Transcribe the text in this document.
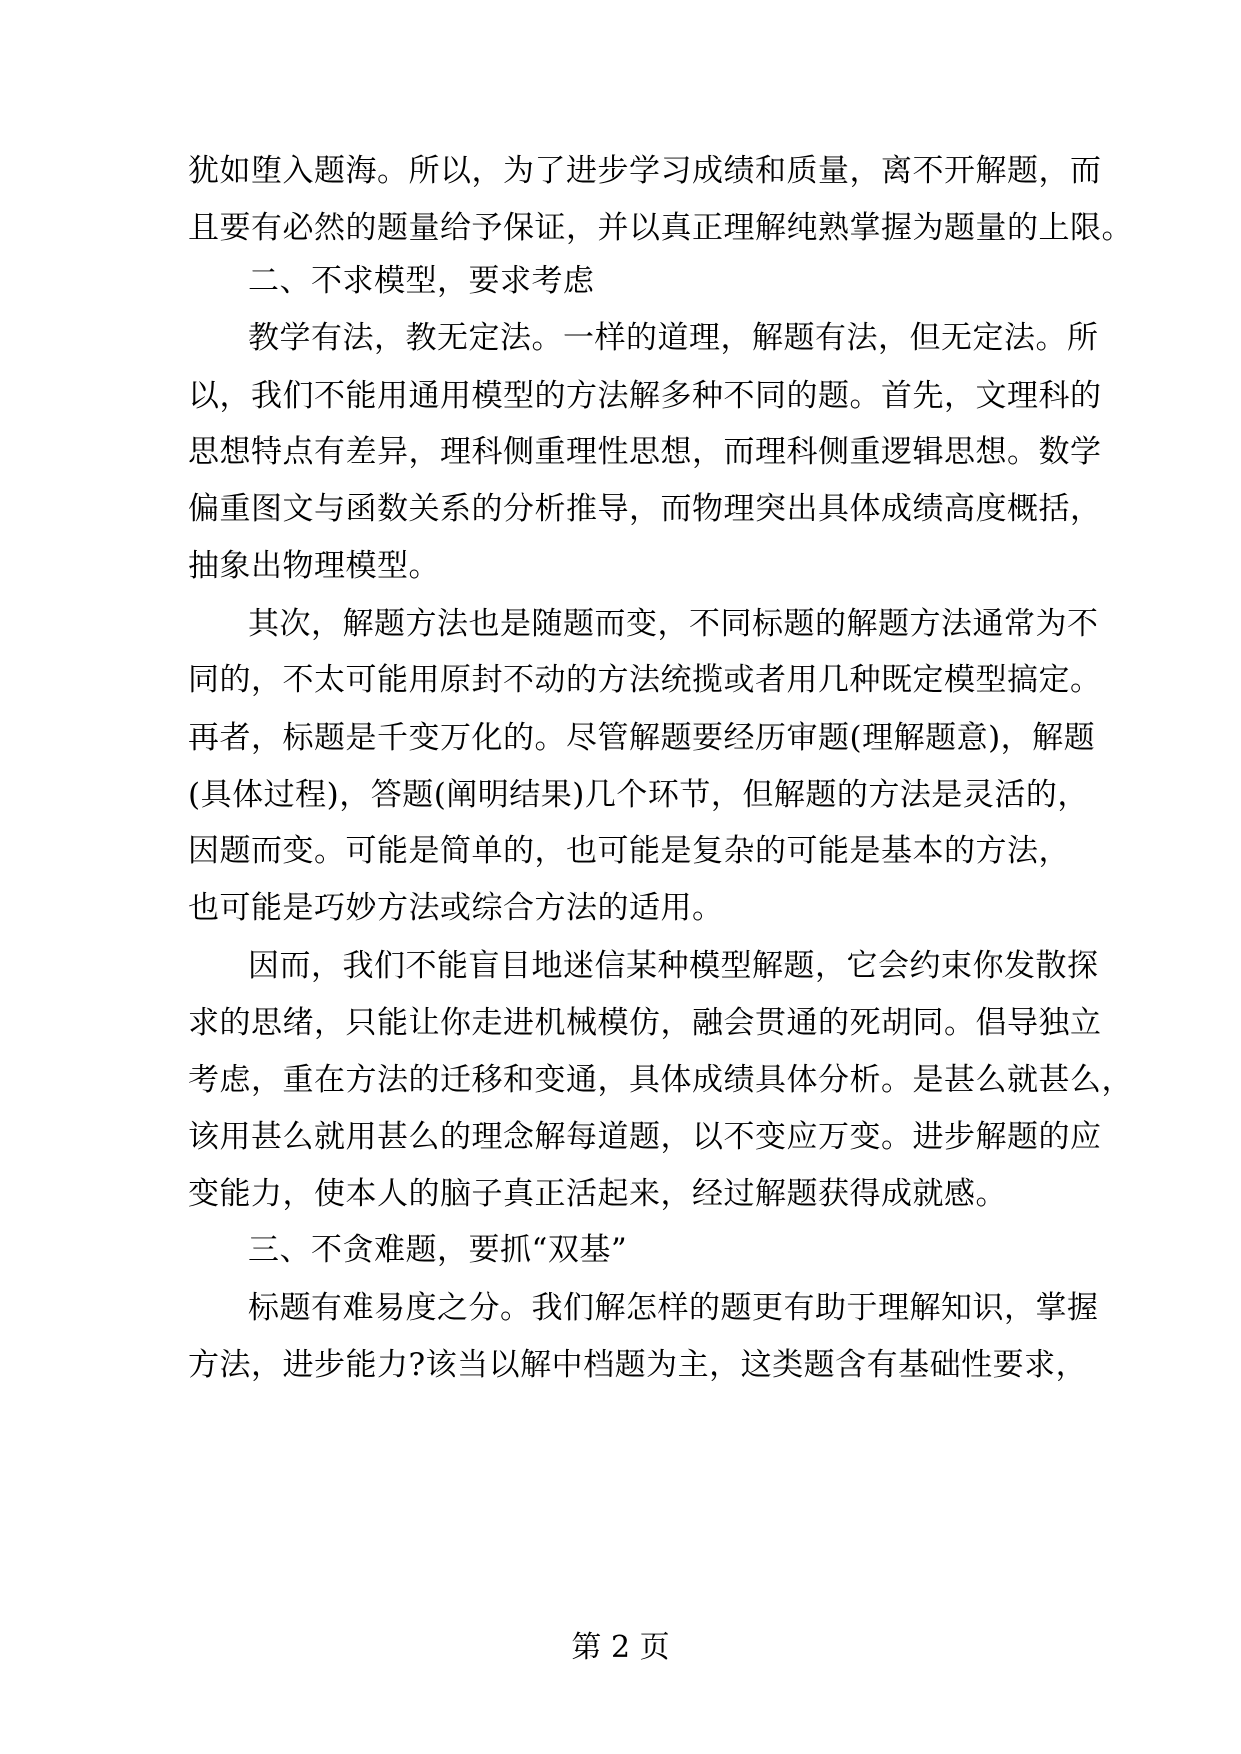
犹如堕入题海。所以，为了进步学习成绩和质量，离不开解题，而
且要有必然的题量给予保证，并以真正理解纯熟掌握为题量的上限。
二、不求模型，要求考虑
教学有法，教无定法。一样的道理，解题有法，但无定法。所
以，我们不能用通用模型的方法解多种不同的题。首先，文理科的
思想特点有差异，理科侧重理性思想，而理科侧重逻辑思想。数学
偏重图文与函数关系的分析推导，而物理突出具体成绩高度概括，
抽象出物理模型。
其次，解题方法也是随题而变，不同标题的解题方法通常为不
同的，不太可能用原封不动的方法统揽或者用几种既定模型搞定。
再者，标题是千变万化的。尽管解题要经历审题(理解题意)，解题
(具体过程)，答题(阐明结果)几个环节，但解题的方法是灵活的，
因题而变。可能是简单的，也可能是复杂的可能是基本的方法，
也可能是巧妙方法或综合方法的适用。
因而，我们不能盲目地迷信某种模型解题，它会约束你发散探
求的思绪，只能让你走进机械模仿，融会贯通的死胡同。倡导独立
考虑，重在方法的迁移和变通，具体成绩具体分析。是甚么就甚么，
该用甚么就用甚么的理念解每道题，以不变应万变。进步解题的应
变能力，使本人的脑子真正活起来，经过解题获得成就感。
三、不贪难题，要抓“双基”
标题有难易度之分。我们解怎样的题更有助于理解知识，掌握
方法，进步能力?该当以解中档题为主，这类题含有基础性要求，
第 2 页
